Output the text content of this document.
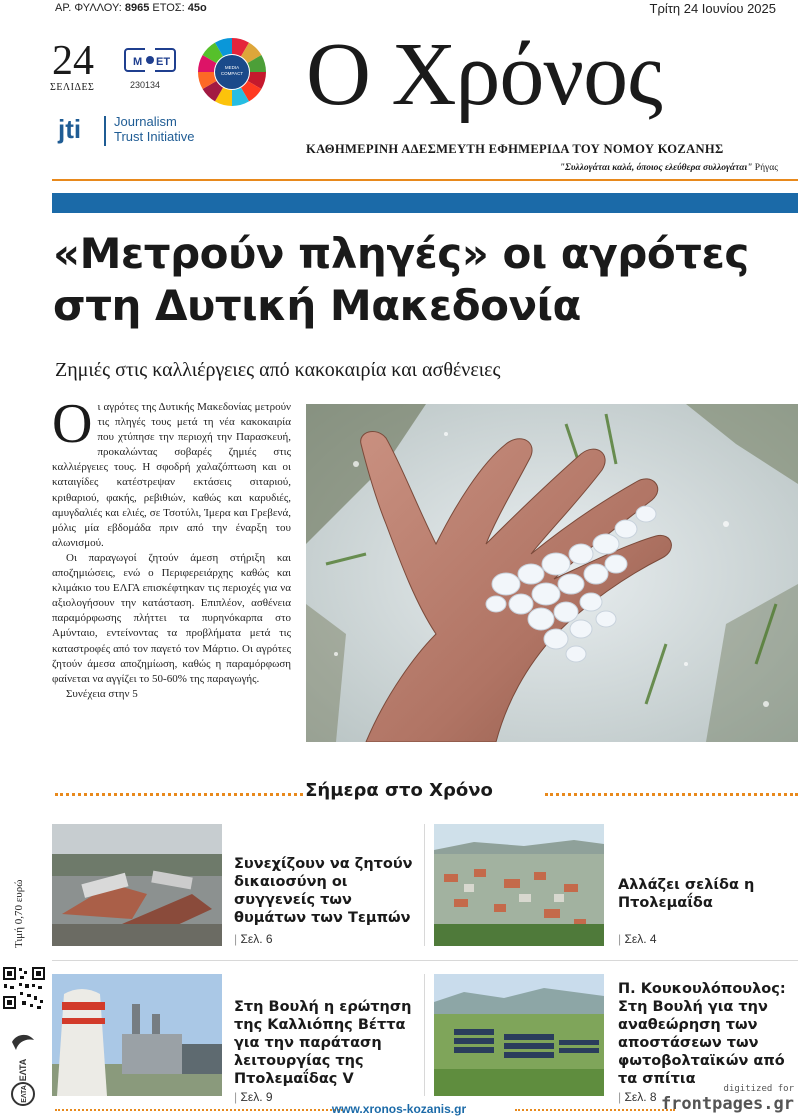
ΑΡ. ΦΥΛΛΟΥ: 8965 ΕΤΟΣ: 45ο	Τρίτη 24 Ιουνίου 2025
24
ΣΕΛΙΔΕΣ
Μ ΕΤ
230134
MEDIA
COMPACT
jti	Journalism
Trust Initiative
Ο Χρόνος
ΚΑΘΗΜΕΡΙΝΗ ΑΔΕΣΜΕΥΤΗ ΕΦΗΜΕΡΙΔΑ ΤΟΥ ΝΟΜΟΥ ΚΟΖΑΝΗΣ
"Συλλογάται καλά, όποιος ελεύθερα συλλογάται" Ρήγας
«Μετρούν πληγές» οι αγρότες στη Δυτική Μακεδονία
Ζημιές στις καλλιέργειες από κακοκαιρία και ασθένειες

Οι αγρότες της Δυτικής Μακεδονίας μετρούν τις πληγές τους μετά τη νέα κακοκαιρία που χτύπησε την περιοχή την Παρασκευή, προκαλώντας σοβαρές ζημιές στις καλλιέργειες τους. Η σφοδρή χαλαζόπτωση και οι καταιγίδες κατέστρεψαν εκτάσεις σιταριού, κριθαριού, φακής, ρεβιθιών, καθώς και καρυδιές, αμυγδαλιές και ελιές, σε Τσοτύλι, Ίμερα και Γρεβενά, μόλις μία εβδομάδα πριν από την έναρξη του αλωνισμού.

Οι παραγωγοί ζητούν άμεση στήριξη και αποζημιώσεις, ενώ ο Περιφερειάρχης καθώς και κλιμάκιο του ΕΛΓΑ επισκέφτηκαν τις περιοχές για να αξιολογήσουν την κατάσταση. Επιπλέον, ασθένεια παραμόρφωσης πλήττει τα πυρηνόκαρπα στο Αμύνταιο, εντείνοντας τα προβλήματα μετά τις καταστροφές από τον παγετό τον Μάρτιο. Οι αγρότες ζητούν άμεσα αποζημίωση, καθώς η παραμόρφωση φαίνεται να αγγίζει το 50-60% της παραγωγής.

Συνέχεια στην 5

Σήμερα στο Χρόνο
Συνεχίζουν να ζητούν δικαιοσύνη οι συγγενείς των θυμάτων των Τεμπών
| Σελ. 6
Αλλάζει σελίδα η Πτολεμαΐδα
| Σελ. 4
Στη Βουλή η ερώτηση της Καλλιόπης Βέττα για την παράταση λειτουργίας της Πτολεμαΐδας V
| Σελ. 9
Π. Κουκουλόπουλος: Στη Βουλή για την αναθεώρηση των αποστάσεων των φωτοβολταϊκών από τα σπίτια
| Σελ. 8
Τιμή 0,70 ευρώ
ΕΛΤΑ
ΕΛΤΑ
www.xronos-kozanis.gr
digitized for
frontpages.gr
